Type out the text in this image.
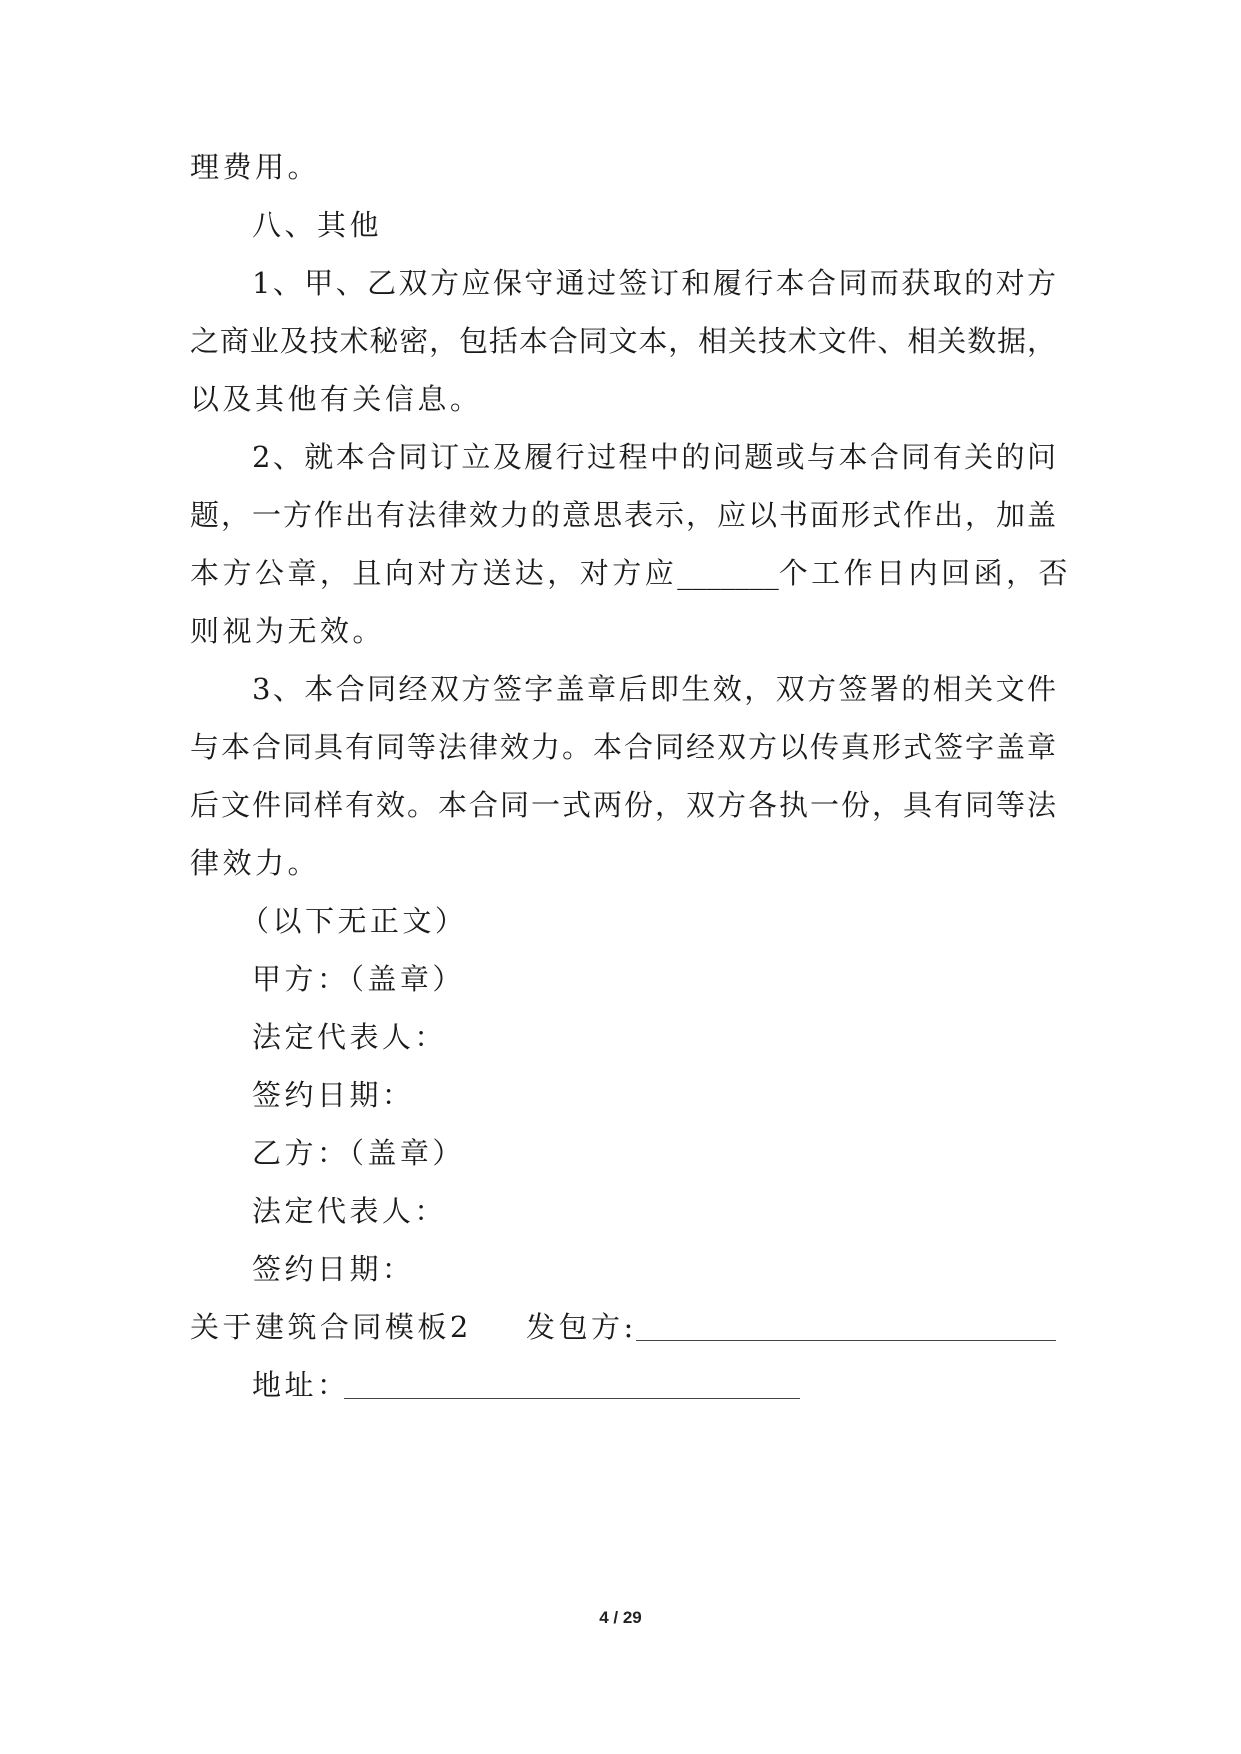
理费用。
八、其他
1、甲、乙双方应保守通过签订和履行本合同而获取的对方
之商业及技术秘密，包括本合同文本，相关技术文件、相关数据，
以及其他有关信息。
2、就本合同订立及履行过程中的问题或与本合同有关的问
题，一方作出有法律效力的意思表示，应以书面形式作出，加盖
本方公章，且向对方送达，对方应_______个工作日内回函，否
则视为无效。
3、本合同经双方签字盖章后即生效，双方签署的相关文件
与本合同具有同等法律效力。本合同经双方以传真形式签字盖章
后文件同样有效。本合同一式两份，双方各执一份，具有同等法
律效力。
（以下无正文）
甲方：（盖章）
法定代表人：
签约日期：
乙方：（盖章）
法定代表人：
签约日期：
关于建筑合同模板2 发包方:
地址：
4 / 29
